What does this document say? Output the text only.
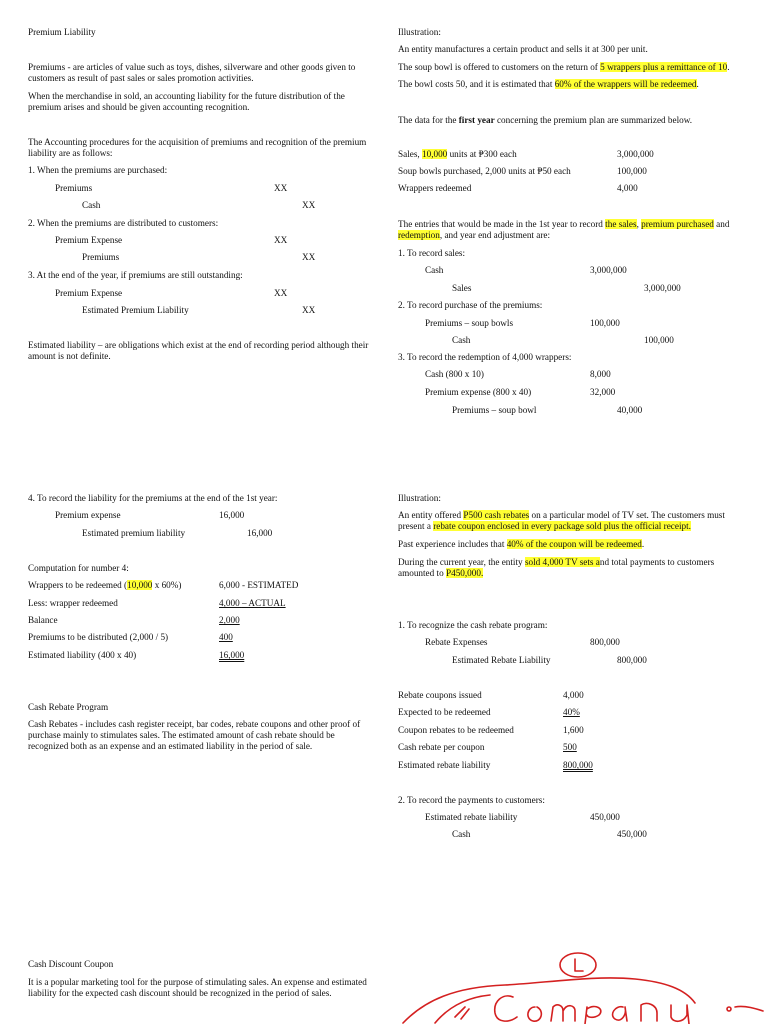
Premium Liability
Premiums - are articles of value such as toys, dishes, silverware and other goods given to customers as result of past sales or sales promotion activities.
When the merchandise in sold, an accounting liability for the future distribution of the premium arises and should be given accounting recognition.
The Accounting procedures for the acquisition of premiums and recognition of the premium liability are as follows:
1. When the premiums are purchased:
Premiums	XX
Cash	XX
2. When the premiums are distributed to customers:
Premium Expense	XX
Premiums	XX
3. At the end of the year, if premiums are still outstanding:
Premium Expense	XX
Estimated Premium Liability	XX
Estimated liability – are obligations which exist at the end of recording period although their amount is not definite.
4. To record the liability for the premiums at the end of the 1st year:
Premium expense	16,000
Estimated premium liability	16,000
Computation for number 4:
Wrappers to be redeemed (10,000 x 60%)	6,000 - ESTIMATED
Less: wrapper redeemed	4,000 – ACTUAL
Balance	2,000
Premiums to be distributed (2,000 / 5)	400
Estimated liability (400 x 40)	16,000
Cash Rebate Program
Cash Rebates - includes cash register receipt, bar codes, rebate coupons and other proof of purchase mainly to stimulates sales. The estimated amount of cash rebate should be recognized both as an expense and an estimated liability in the period of sale.
Cash Discount Coupon
It is a popular marketing tool for the purpose of stimulating sales. An expense and estimated liability for the expected cash discount should be recognized in the period of sales.
Illustration:
An entity manufactures a certain product and sells it at 300 per unit.
The soup bowl is offered to customers on the return of 5 wrappers plus a remittance of 10.
The bowl costs 50, and it is estimated that 60% of the wrappers will be redeemed.
The data for the first year concerning the premium plan are summarized below.
Sales, 10,000 units at ₱300 each	3,000,000
Soup bowls purchased, 2,000 units at ₱50 each	100,000
Wrappers redeemed	4,000
The entries that would be made in the 1st year to record the sales, premium purchased and redemption, and year end adjustment are:
1. To record sales:
Cash	3,000,000
Sales	3,000,000
2. To record purchase of the premiums:
Premiums – soup bowls	100,000
Cash	100,000
3. To record the redemption of 4,000 wrappers:
Cash (800 x 10)	8,000
Premium expense (800 x 40)	32,000
Premiums – soup bowl	40,000
Illustration:
An entity offered P500 cash rebates on a particular model of TV set. The customers must present a rebate coupon enclosed in every package sold plus the official receipt.
Past experience includes that 40% of the coupon will be redeemed.
During the current year, the entity sold 4,000 TV sets and total payments to customers amounted to P450,000.
1. To recognize the cash rebate program:
Rebate Expenses	800,000
Estimated Rebate Liability	800,000
Rebate coupons issued	4,000
Expected to be redeemed	40%
Coupon rebates to be redeemed	1,600
Cash rebate per coupon	500
Estimated rebate liability	800,000
2. To record the payments to customers:
Estimated rebate liability	450,000
Cash	450,000
